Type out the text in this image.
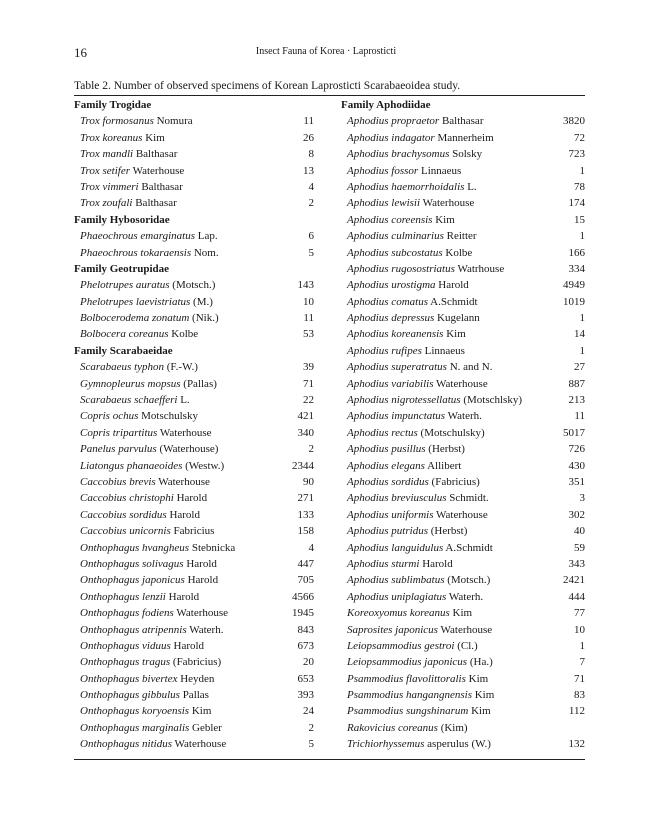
16	Insect Fauna of Korea · Laprosticti
Table 2. Number of observed specimens of Korean Laprosticti Scarabaeoidea study.
Family Trogidae
Trox formosanus Nomura	11
Trox koreanus Kim	26
Trox mandli Balthasar	8
Trox setifer Waterhouse	13
Trox vimmeri Balthasar	4
Trox zoufali Balthasar	2
Family Hybosoridae
Phaeochrous emarginatus Lap.	6
Phaeochrous tokaraensis Nom.	5
Family Geotrupidae
Phelotrupes auratus (Motsch.)	143
Phelotrupes laevistriatus (M.)	10
Bolbocerodema zonatum (Nik.)	11
Bolbocera coreanus Kolbe	53
Family Scarabaeidae
Scarabaeus typhon (F.-W.)	39
Gymnopleurus mopsus (Pallas)	71
Scarabaeus schaefferi L.	22
Copris ochus Motschulsky	421
Copris tripartitus Waterhouse	340
Panelus parvulus (Waterhouse)	2
Liatongus phanaeoides (Westw.)	2344
Caccobius brevis Waterhouse	90
Caccobius christophi Harold	271
Caccobius sordidus Harold	133
Caccobius unicornis Fabricius	158
Onthophagus hvangheus Stebnicka	4
Onthophagus solivagus Harold	447
Onthophagus japonicus Harold	705
Onthophagus lenzii Harold	4566
Onthophagus fodiens Waterhouse	1945
Onthophagus atripennis Waterh.	843
Onthophagus viduus Harold	673
Onthophagus tragus (Fabricius)	20
Onthophagus bivertex Heyden	653
Onthophagus gibbulus Pallas	393
Onthophagus koryoensis Kim	24
Onthophagus marginalis Gebler	2
Onthophagus nitidus Waterhouse	5
Family Aphodiidae
Aphodius propraetor Balthasar	3820
Aphodius indagator Mannerheim	72
Aphodius brachysomus Solsky	723
Aphodius fossor Linnaeus	1
Aphodius haemorrhoidalis L.	78
Aphodius lewisii Waterhouse	174
Aphodius coreensis Kim	15
Aphodius culminarius Reitter	1
Aphodius subcostatus Kolbe	166
Aphodius rugosostriatus Watrhouse	334
Aphodius urostigma Harold	4949
Aphodius comatus A.Schmidt	1019
Aphodius depressus Kugelann	1
Aphodius koreanensis Kim	14
Aphodius rufipes Linnaeus	1
Aphodius superatratus N. and N.	27
Aphodius variabilis Waterhouse	887
Aphodius nigrotessellatus (Motschlsky)	213
Aphodius impunctatus Waterh.	11
Aphodius rectus (Motschulsky)	5017
Aphodius pusillus (Herbst)	726
Aphodius elegans Allibert	430
Aphodius sordidus (Fabricius)	351
Aphodius breviusculus Schmidt.	3
Aphodius uniformis Waterhouse	302
Aphodius putridus (Herbst)	40
Aphodius languidulus A.Schmidt	59
Aphodius sturmi Harold	343
Aphodius sublimbatus (Motsch.)	2421
Aphodius uniplagiatus Waterh.	444
Koreoxyomus koreanus Kim	77
Saprosites japonicus Waterhouse	10
Leiopsammodius gestroi (Cl.)	1
Leiopsammodius japonicus (Ha.)	7
Psammodius flavolittoralis Kim	71
Psammodius hangangnensis Kim	83
Psammodius sungshinarum Kim	112
Rakovicius coreanus (Kim)
Trichiorhyssemus asperulus (W.)	132
